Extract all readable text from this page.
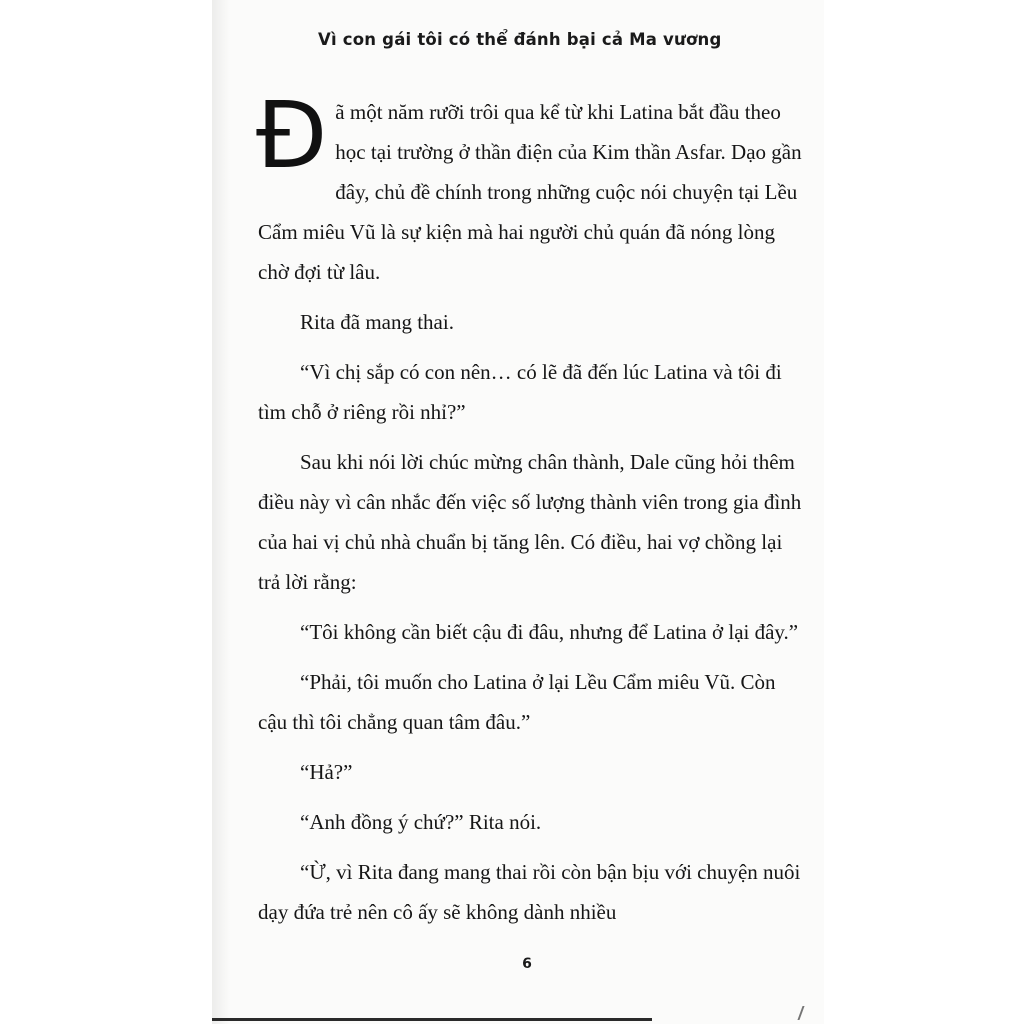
Vì con gái tôi có thể đánh bại cả Ma vương

Đã một năm rưỡi trôi qua kể từ khi Latina bắt đầu theo học tại trường ở thần điện của Kim thần Asfar. Dạo gần đây, chủ đề chính trong những cuộc nói chuyện tại Lều Cẩm miêu Vũ là sự kiện mà hai người chủ quán đã nóng lòng chờ đợi từ lâu.

Rita đã mang thai.

“Vì chị sắp có con nên… có lẽ đã đến lúc Latina và tôi đi tìm chỗ ở riêng rồi nhỉ?”

Sau khi nói lời chúc mừng chân thành, Dale cũng hỏi thêm điều này vì cân nhắc đến việc số lượng thành viên trong gia đình của hai vị chủ nhà chuẩn bị tăng lên. Có điều, hai vợ chồng lại trả lời rằng:

“Tôi không cần biết cậu đi đâu, nhưng để Latina ở lại đây.”

“Phải, tôi muốn cho Latina ở lại Lều Cẩm miêu Vũ. Còn cậu thì tôi chẳng quan tâm đâu.”

“Hả?”

“Anh đồng ý chứ?” Rita nói.

“Ừ, vì Rita đang mang thai rồi còn bận bịu với chuyện nuôi dạy đứa trẻ nên cô ấy sẽ không dành nhiều

6
